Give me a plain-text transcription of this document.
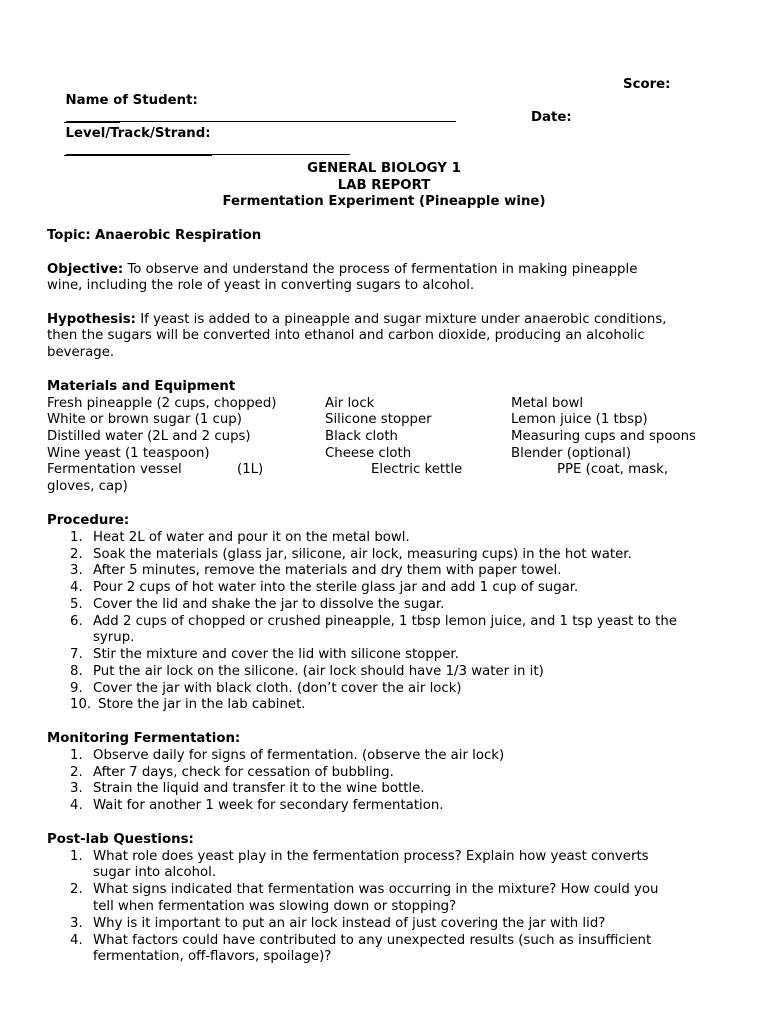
Name of Student:

Score:

Level/Track/Strand:

Date:

GENERAL BIOLOGY 1
LAB REPORT
Fermentation Experiment (Pineapple wine)
Topic: Anaerobic Respiration
Objective: To observe and understand the process of fermentation in making pineapple
wine, including the role of yeast in converting sugars to alcohol.
Hypothesis: If yeast is added to a pineapple and sugar mixture under anaerobic conditions,
then the sugars will be converted into ethanol and carbon dioxide, producing an alcoholic
beverage.
Materials and Equipment
Fresh pineapple (2 cups, chopped)
White or brown sugar (1 cup)
Distilled water (2L and 2 cups)
Wine yeast (1 teaspoon)
Fermentation vessel	(1L)
gloves, cap)
Air lock
Silicone stopper
Black cloth
Cheese cloth
Electric kettle
Metal bowl
Lemon juice (1 tbsp)
Measuring cups and spoons
Blender (optional)
PPE (coat, mask,
Procedure:
1. Heat 2L of water and pour it on the metal bowl.
2. Soak the materials (glass jar, silicone, air lock, measuring cups) in the hot water.
3. After 5 minutes, remove the materials and dry them with paper towel.
4. Pour 2 cups of hot water into the sterile glass jar and add 1 cup of sugar.
5. Cover the lid and shake the jar to dissolve the sugar.
6. Add 2 cups of chopped or crushed pineapple, 1 tbsp lemon juice, and 1 tsp yeast to the
syrup.
7. Stir the mixture and cover the lid with silicone stopper.
8. Put the air lock on the silicone. (air lock should have 1/3 water in it)
9. Cover the jar with black cloth. (don’t cover the air lock)
10. Store the jar in the lab cabinet.
Monitoring Fermentation:
1. Observe daily for signs of fermentation. (observe the air lock)
2. After 7 days, check for cessation of bubbling.
3. Strain the liquid and transfer it to the wine bottle.
4. Wait for another 1 week for secondary fermentation.
Post-lab Questions:
1. What role does yeast play in the fermentation process? Explain how yeast converts
sugar into alcohol.
2. What signs indicated that fermentation was occurring in the mixture? How could you
tell when fermentation was slowing down or stopping?
3. Why is it important to put an air lock instead of just covering the jar with lid?
4. What factors could have contributed to any unexpected results (such as insufficient
fermentation, off-flavors, spoilage)?
